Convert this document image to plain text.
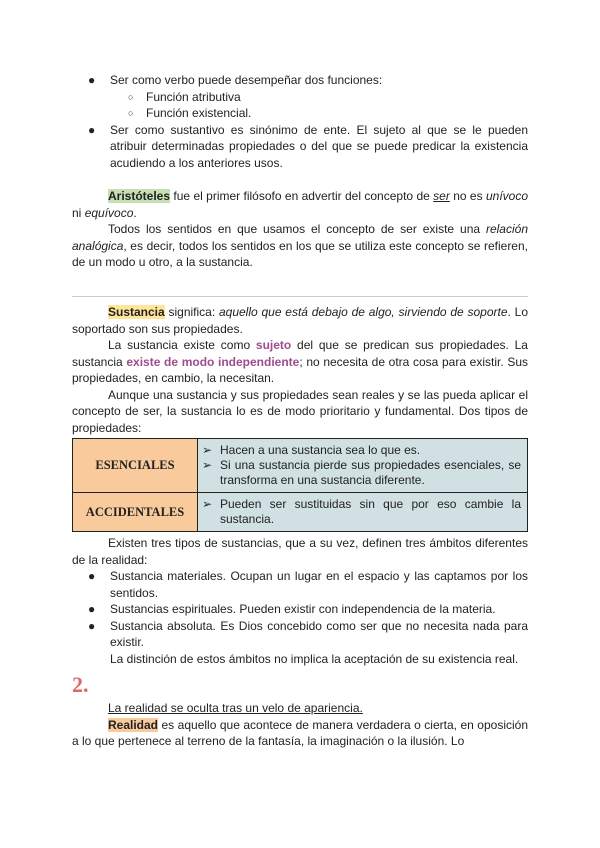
● Ser como verbo puede desempeñar dos funciones:
○ Función atributiva
○ Función existencial.
● Ser como sustantivo es sinónimo de ente. El sujeto al que se le pueden atribuir determinadas propiedades o del que se puede predicar la existencia acudiendo a los anteriores usos.

Aristóteles fue el primer filósofo en advertir del concepto de ser no es unívoco ni equívoco.

Todos los sentidos en que usamos el concepto de ser existe una relación analógica, es decir, todos los sentidos en los que se utiliza este concepto se refieren, de un modo u otro, a la sustancia.

Sustancia significa: aquello que está debajo de algo, sirviendo de soporte. Lo soportado son sus propiedades.

La sustancia existe como sujeto del que se predican sus propiedades. La sustancia existe de modo independiente; no necesita de otra cosa para existir. Sus propiedades, en cambio, la necesitan.

Aunque una sustancia y sus propiedades sean reales y se las pueda aplicar el concepto de ser, la sustancia lo es de modo prioritario y fundamental. Dos tipos de propiedades:

ESENCIALES	➢ Hacen a una sustancia sea lo que es.
➢ Si una sustancia pierde sus propiedades esenciales, se transforma en una sustancia diferente.

ACCIDENTALES	➢ Pueden ser sustituidas sin que por eso cambie la sustancia.

Existen tres tipos de sustancias, que a su vez, definen tres ámbitos diferentes de la realidad:

● Sustancia materiales. Ocupan un lugar en el espacio y las captamos por los sentidos.
● Sustancias espirituales. Pueden existir con independencia de la materia.
● Sustancia absoluta. Es Dios concebido como ser que no necesita nada para existir.
La distinción de estos ámbitos no implica la aceptación de su existencia real.
2.

La realidad se oculta tras un velo de apariencia.

Realidad es aquello que acontece de manera verdadera o cierta, en oposición a lo que pertenece al terreno de la fantasía, la imaginación o la ilusión. Lo
